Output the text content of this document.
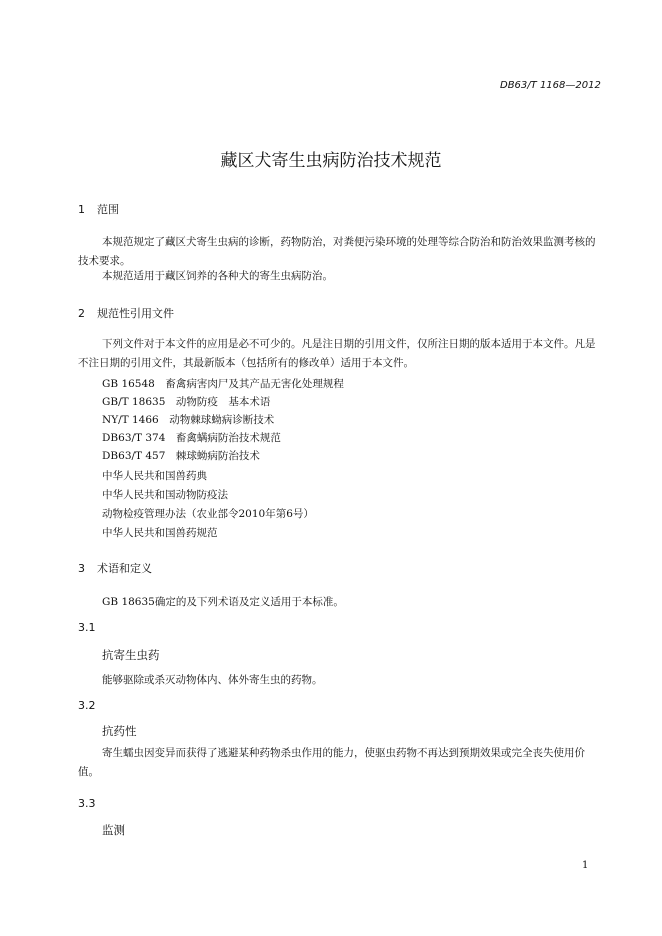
DB63/T 1168—2012
藏区犬寄生虫病防治技术规范
1 范围
本规范规定了藏区犬寄生虫病的诊断，药物防治，对粪便污染环境的处理等综合防治和防治效果监测考核的技术要求。
本规范适用于藏区饲养的各种犬的寄生虫病防治。
2 规范性引用文件
下列文件对于本文件的应用是必不可少的。凡是注日期的引用文件，仅所注日期的版本适用于本文件。凡是不注日期的引用文件，其最新版本（包括所有的修改单）适用于本文件。
GB 16548　畜禽病害肉尸及其产品无害化处理规程
GB/T 18635　动物防疫　基本术语
NY/T 1466　动物棘球蚴病诊断技术
DB63/T 374　畜禽螨病防治技术规范
DB63/T 457　棘球蚴病防治技术
中华人民共和国兽药典
中华人民共和国动物防疫法
动物检疫管理办法（农业部令2010年第6号）
中华人民共和国兽药规范
3 术语和定义
GB 18635确定的及下列术语及定义适用于本标准。
3.1
抗寄生虫药
能够驱除或杀灭动物体内、体外寄生虫的药物。
3.2
抗药性
寄生蠕虫因变异而获得了逃避某种药物杀虫作用的能力，使驱虫药物不再达到预期效果或完全丧失使用价值。
3.3
监测
1
